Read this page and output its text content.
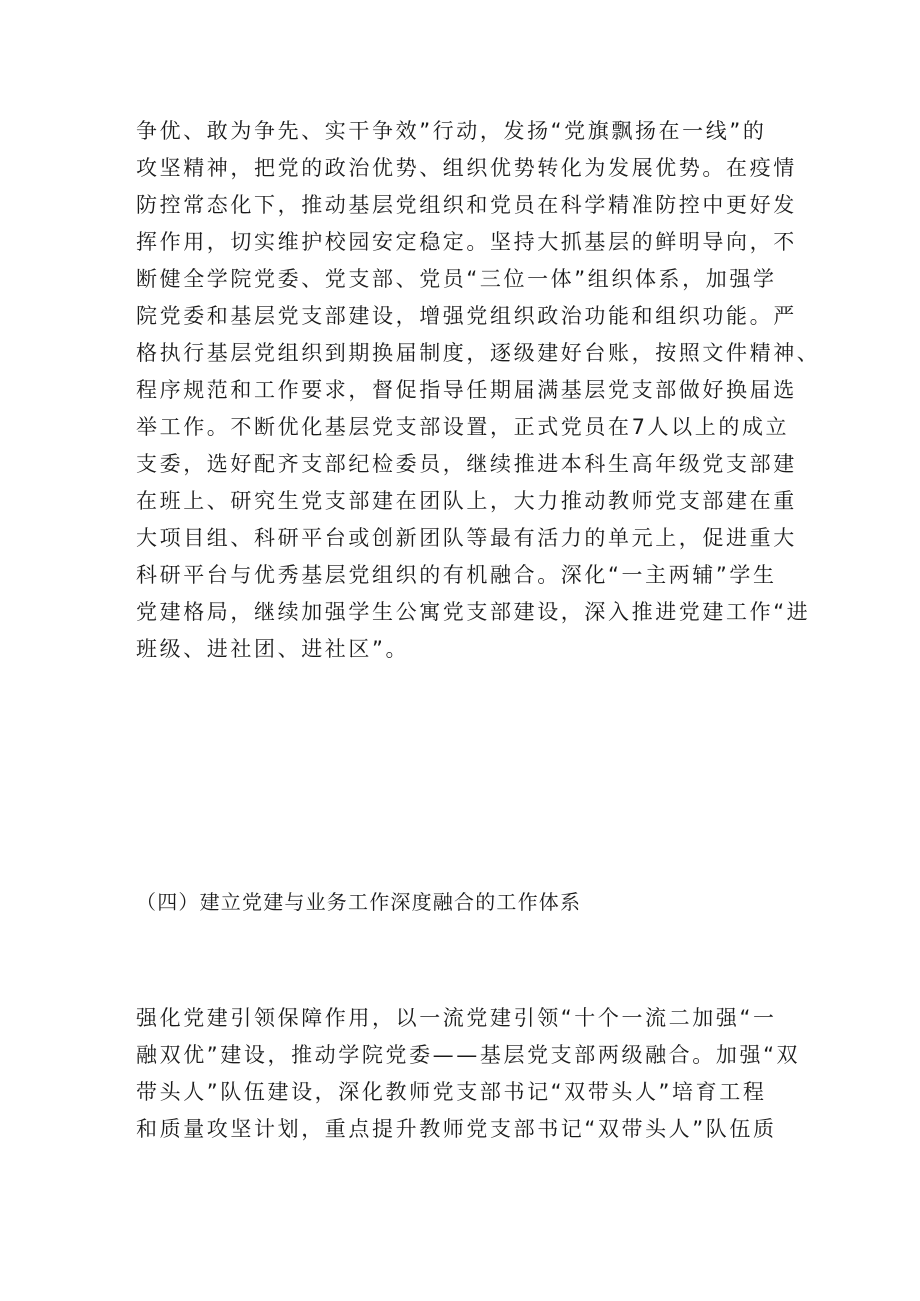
争优、敢为争先、实干争效”行动，发扬“党旗飘扬在一线”的
攻坚精神，把党的政治优势、组织优势转化为发展优势。在疫情
防控常态化下，推动基层党组织和党员在科学精准防控中更好发
挥作用，切实维护校园安定稳定。坚持大抓基层的鲜明导向，不
断健全学院党委、党支部、党员“三位一体”组织体系，加强学
院党委和基层党支部建设，增强党组织政治功能和组织功能。严
格执行基层党组织到期换届制度，逐级建好台账，按照文件精神、
程序规范和工作要求，督促指导任期届满基层党支部做好换届选
举工作。不断优化基层党支部设置，正式党员在7人以上的成立
支委，选好配齐支部纪检委员，继续推进本科生高年级党支部建
在班上、研究生党支部建在团队上，大力推动教师党支部建在重
大项目组、科研平台或创新团队等最有活力的单元上，促进重大
科研平台与优秀基层党组织的有机融合。深化“一主两辅”学生
党建格局，继续加强学生公寓党支部建设，深入推进党建工作“进
班级、进社团、进社区”。
（四）建立党建与业务工作深度融合的工作体系
强化党建引领保障作用，以一流党建引领“十个一流二加强“一
融双优”建设，推动学院党委——基层党支部两级融合。加强“双
带头人”队伍建设，深化教师党支部书记“双带头人”培育工程
和质量攻坚计划，重点提升教师党支部书记“双带头人”队伍质
